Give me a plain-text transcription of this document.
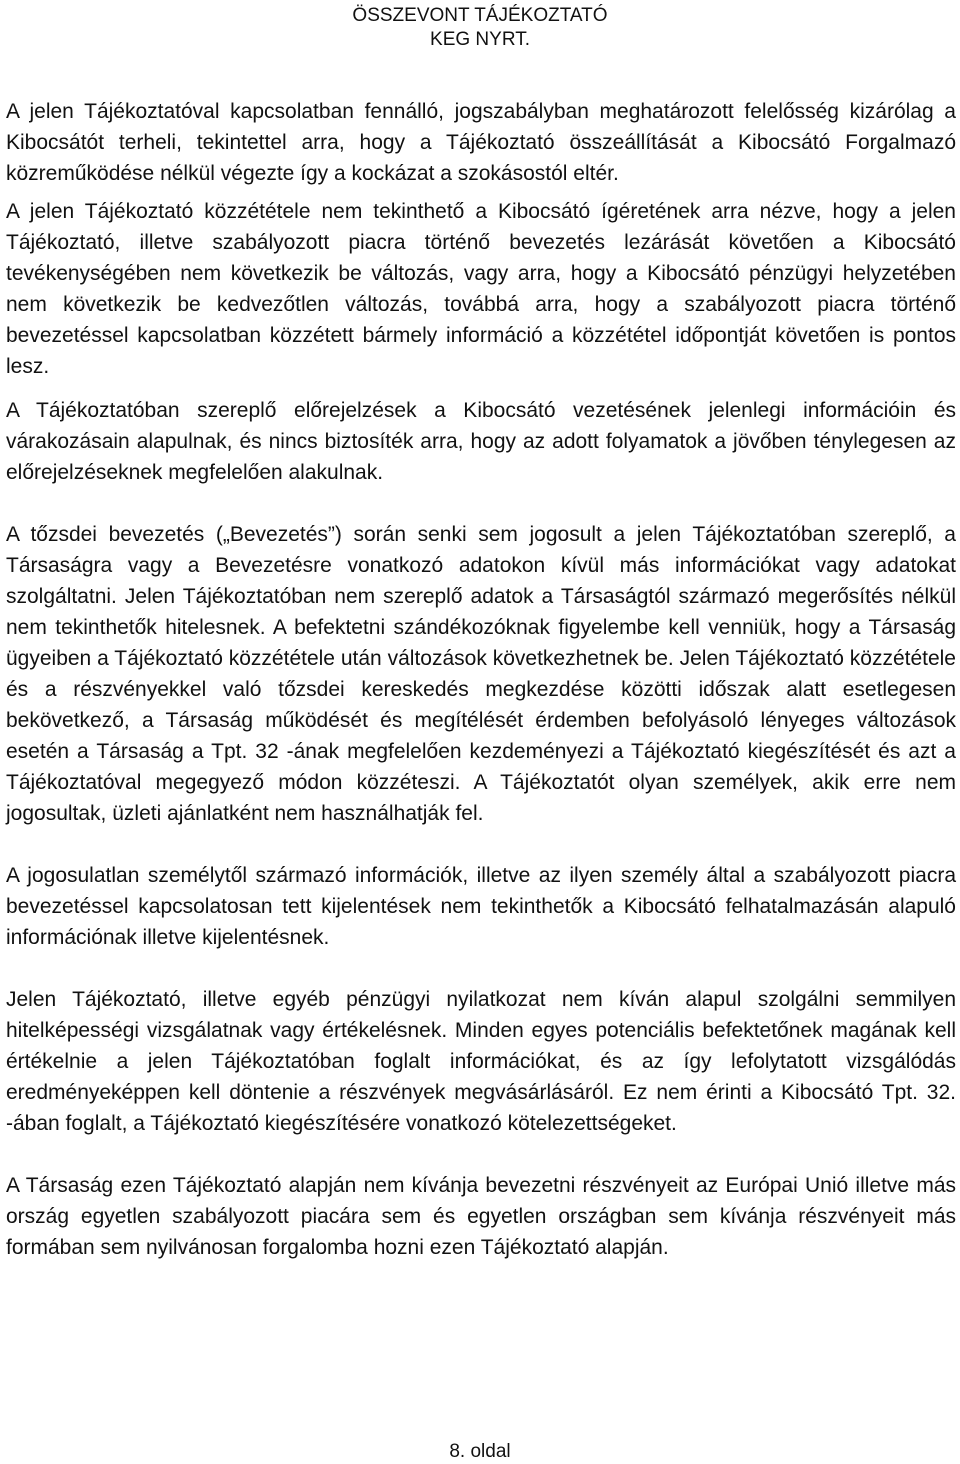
ÖSSZEVONT TÁJÉKOZTATÓ
KEG NYRT.

A jelen Tájékoztatóval kapcsolatban fennálló, jogszabályban meghatározott felelősség kizárólag a Kibocsátót terheli, tekintettel arra, hogy a Tájékoztató összeállítását a Kibocsátó Forgalmazó közreműködése nélkül végezte így a kockázat a szokásostól eltér.

A jelen Tájékoztató közzététele nem tekinthető a Kibocsátó ígéretének arra nézve, hogy a jelen Tájékoztató, illetve szabályozott piacra történő bevezetés lezárását követően a Kibocsátó tevékenységében nem következik be változás, vagy arra, hogy a Kibocsátó pénzügyi helyzetében nem következik be kedvezőtlen változás, továbbá arra, hogy a szabályozott piacra történő bevezetéssel kapcsolatban közzétett bármely információ a közzététel időpontját követően is pontos lesz.

A Tájékoztatóban szereplő előrejelzések a Kibocsátó vezetésének jelenlegi információin és várakozásain alapulnak, és nincs biztosíték arra, hogy az adott folyamatok a jövőben ténylegesen az előrejelzéseknek megfelelően alakulnak.

A tőzsdei bevezetés („Bevezetés”) során senki sem jogosult a jelen Tájékoztatóban szereplő, a Társaságra vagy a Bevezetésre vonatkozó adatokon kívül más információkat vagy adatokat szolgáltatni. Jelen Tájékoztatóban nem szereplő adatok a Társaságtól származó megerősítés nélkül nem tekinthetők hitelesnek. A befektetni szándékozóknak figyelembe kell venniük, hogy a Társaság ügyeiben a Tájékoztató közzététele után változások következhetnek be. Jelen Tájékoztató közzététele és a részvényekkel való tőzsdei kereskedés megkezdése közötti időszak alatt esetlegesen bekövetkező, a Társaság működését és megítélését érdemben befolyásoló lényeges változások esetén a Társaság a Tpt. 32 -ának megfelelően kezdeményezi a Tájékoztató kiegészítését és azt a Tájékoztatóval megegyező módon közzéteszi. A Tájékoztatót olyan személyek, akik erre nem jogosultak, üzleti ajánlatként nem használhatják fel.

A jogosulatlan személytől származó információk, illetve az ilyen személy által a szabályozott piacra bevezetéssel kapcsolatosan tett kijelentések nem tekinthetők a Kibocsátó felhatalmazásán alapuló információnak illetve kijelentésnek.

Jelen Tájékoztató, illetve egyéb pénzügyi nyilatkozat nem kíván alapul szolgálni semmilyen hitelképességi vizsgálatnak vagy értékelésnek. Minden egyes potenciális befektetőnek magának kell értékelnie a jelen Tájékoztatóban foglalt információkat, és az így lefolytatott vizsgálódás eredményeképpen kell döntenie a részvények megvásárlásáról. Ez nem érinti a Kibocsátó Tpt. 32. -ában foglalt, a Tájékoztató kiegészítésére vonatkozó kötelezettségeket.

A Társaság ezen Tájékoztató alapján nem kívánja bevezetni részvényeit az Európai Unió illetve más ország egyetlen szabályozott piacára sem és egyetlen országban sem kívánja részvényeit más formában sem nyilvánosan forgalomba hozni ezen Tájékoztató alapján.

8. oldal
